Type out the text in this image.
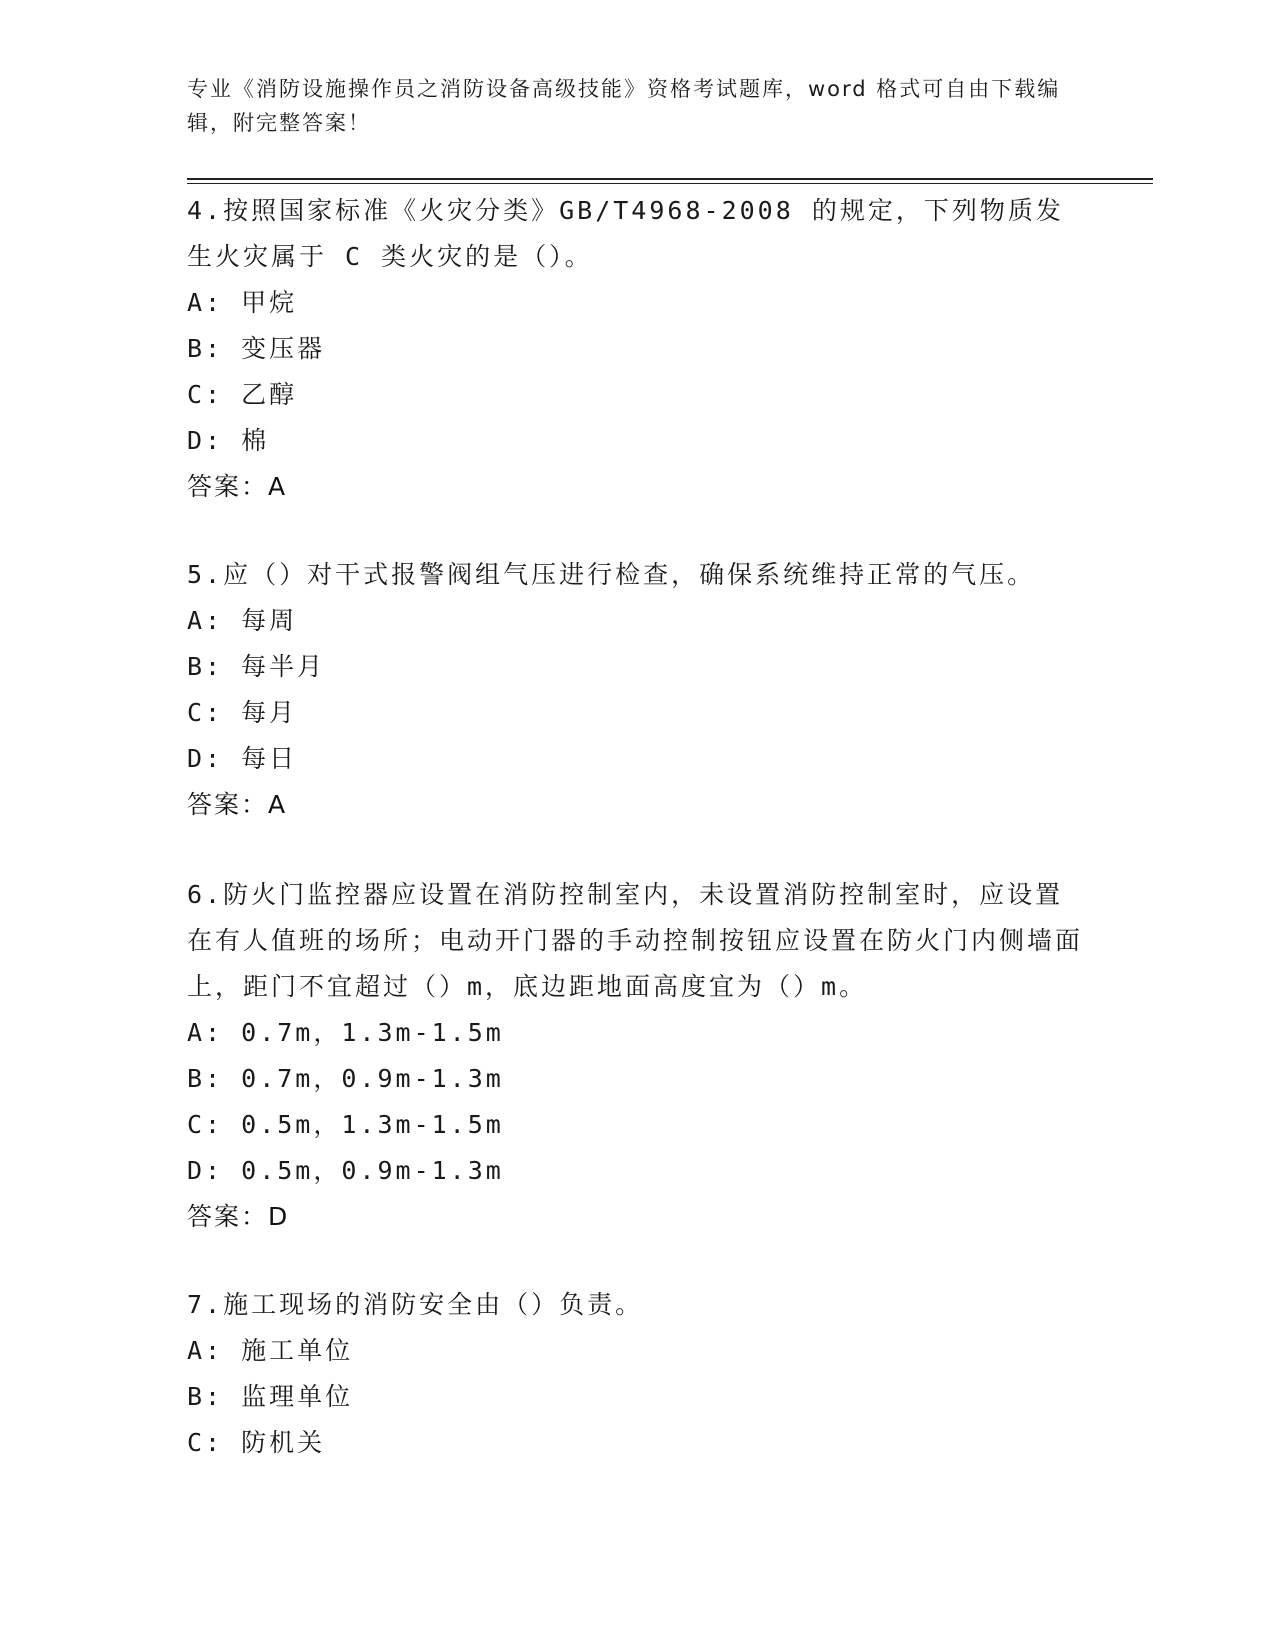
专业《消防设施操作员之消防设备高级技能》资格考试题库，word 格式可自由下载编辑，附完整答案！

4.按照国家标准《火灾分类》GB/T4968-2008 的规定，下列物质发生火灾属于 C 类火灾的是（）。

A: 甲烷

B: 变压器

C: 乙醇

D: 棉

答案：A

5.应（）对干式报警阀组气压进行检查，确保系统维持正常的气压。

A: 每周

B: 每半月

C: 每月

D: 每日

答案：A

6.防火门监控器应设置在消防控制室内，未设置消防控制室时，应设置在有人值班的场所；电动开门器的手动控制按钮应设置在防火门内侧墙面上，距门不宜超过（）m，底边距地面高度宜为（）m。

A: 0.7m，1.3m-1.5m

B: 0.7m，0.9m-1.3m

C: 0.5m，1.3m-1.5m

D: 0.5m，0.9m-1.3m

答案：D

7.施工现场的消防安全由（）负责。

A: 施工单位

B: 监理单位

C: 防机关
